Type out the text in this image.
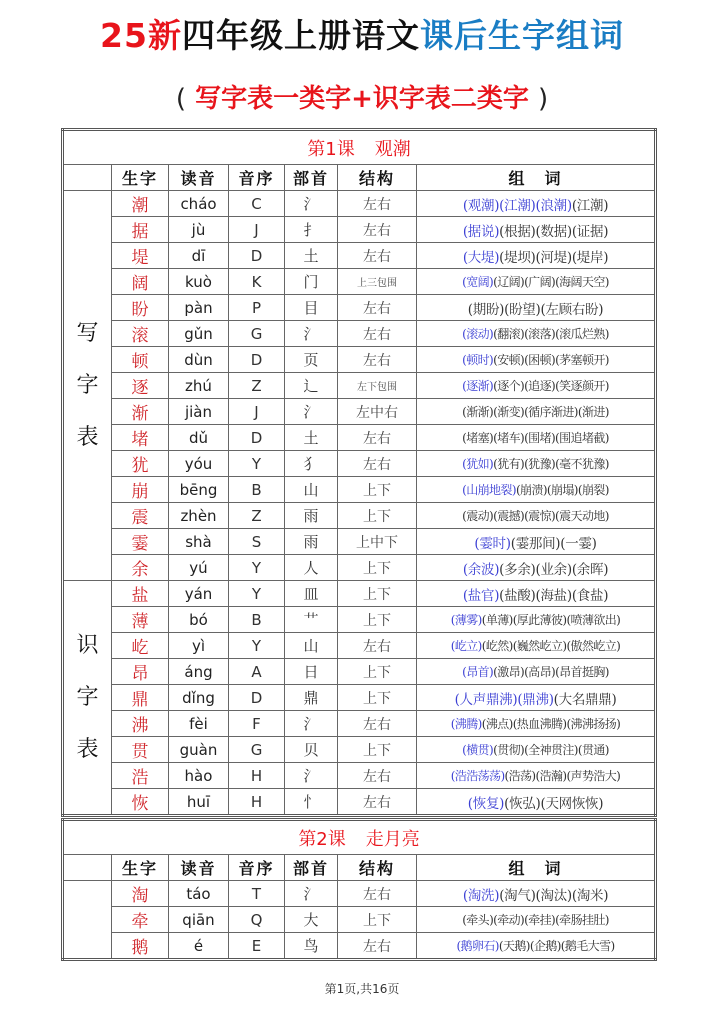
25新四年级上册语文课后生字组词
( 写字表一类字+识字表二类字 )
第1课 观潮						
	生字	读音	音序	部首	结构	组　词

写
字
表	潮	cháo	C	氵	左右	(观潮)(江潮)(浪潮)(江潮)
	据	jù	J	扌	左右	(据说)(根据)(数据)(证据)
	堤	dī	D	土	左右	(大堤)(堤坝)(河堤)(堤岸)
	阔	kuò	K	门	上三包围	(宽阔)(辽阔)(广阔)(海阔天空)
	盼	pàn	P	目	左右	(期盼)(盼望)(左顾右盼)
	滚	gǔn	G	氵	左右	(滚动)(翻滚)(滚落)(滚瓜烂熟)
	顿	dùn	D	页	左右	(顿时)(安顿)(困顿)(茅塞顿开)
	逐	zhú	Z	辶	左下包围	(逐渐)(逐个)(追逐)(笑逐颜开)
	渐	jiàn	J	氵	左中右	(渐渐)(渐变)(循序渐进)(渐进)
	堵	dǔ	D	土	左右	(堵塞)(堵车)(围堵)(围追堵截)
	犹	yóu	Y	犭	左右	(犹如)(犹有)(犹豫)(毫不犹豫)
	崩	bēng	B	山	上下	(山崩地裂)(崩溃)(崩塌)(崩裂)
	震	zhèn	Z	雨	上下	(震动)(震撼)(震惊)(震天动地)
	霎	shà	S	雨	上中下	(霎时)(霎那间)(一霎)
	余	yú	Y	人	上下	(余波)(多余)(业余)(余晖)

识
字
表	盐	yán	Y	皿	上下	(盐官)(盐酸)(海盐)(食盐)
	薄	bó	B	艹	上下	(薄雾)(单薄)(厚此薄彼)(喷薄欲出)
	屹	yì	Y	山	左右	(屹立)(屹然)(巍然屹立)(傲然屹立)
	昂	áng	A	日	上下	(昂首)(激昂)(高昂)(昂首挺胸)
	鼎	dǐng	D	鼎	上下	(人声鼎沸)(鼎沸)(大名鼎鼎)
	沸	fèi	F	氵	左右	(沸腾)(沸点)(热血沸腾)(沸沸扬扬)
	贯	guàn	G	贝	上下	(横贯)(贯彻)(全神贯注)(贯通)
	浩	hào	H	氵	左右	(浩浩荡荡)(浩荡)(浩瀚)(声势浩大)
	恢	huī	H	忄	左右	(恢复)(恢弘)(天网恢恢)
第2课 走月亮						
	生字	读音	音序	部首	结构	组　词
	淘	táo	T	氵	左右	(淘洗)(淘气)(淘汰)(淘米)
	牵	qiān	Q	大	上下	(牵头)(牵动)(牵挂)(牵肠挂肚)
	鹅	é	E	鸟	左右	(鹅卵石)(天鹅)(企鹅)(鹅毛大雪)
第1页,共16页
